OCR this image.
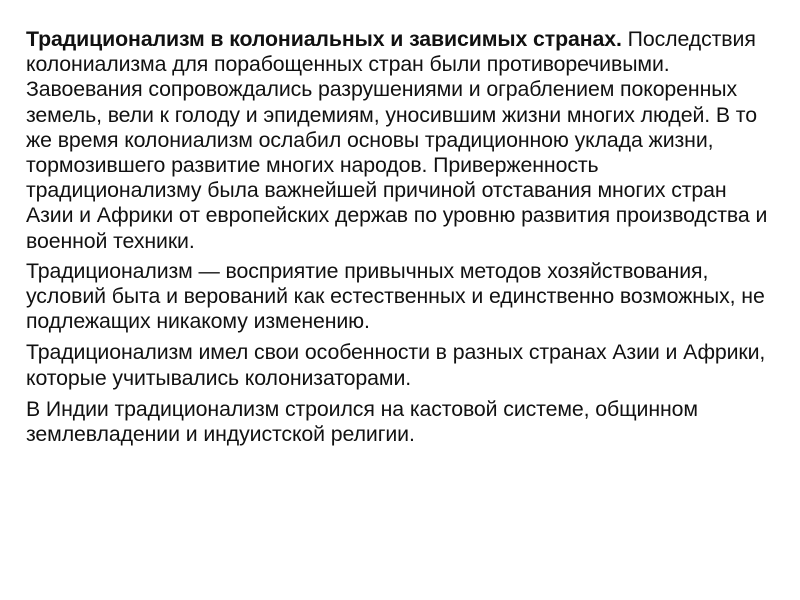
Традиционализм в колониальных и зависимых странах. Последствия колониализма для порабощенных стран были противоречивыми. Завоевания сопровождались разрушениями и ограблением покоренных земель, вели к голоду и эпидемиям, уносившим жизни многих людей. В то же время колониализм ослабил основы традиционною уклада жизни, тормозившего развитие многих народов. Приверженность традиционализму была важнейшей причиной отставания многих стран Азии и Африки от европейских держав по уровню развития производства и военной техники.

Традиционализм — восприятие привычных методов хозяйствования, условий быта и верований как естественных и единственно возможных, не подлежащих никакому изменению.

Традиционализм имел свои особенности в разных странах Азии и Африки, которые учитывались колонизаторами.

В Индии традиционализм строился на кастовой системе, общинном землевладении и индуистской религии.
